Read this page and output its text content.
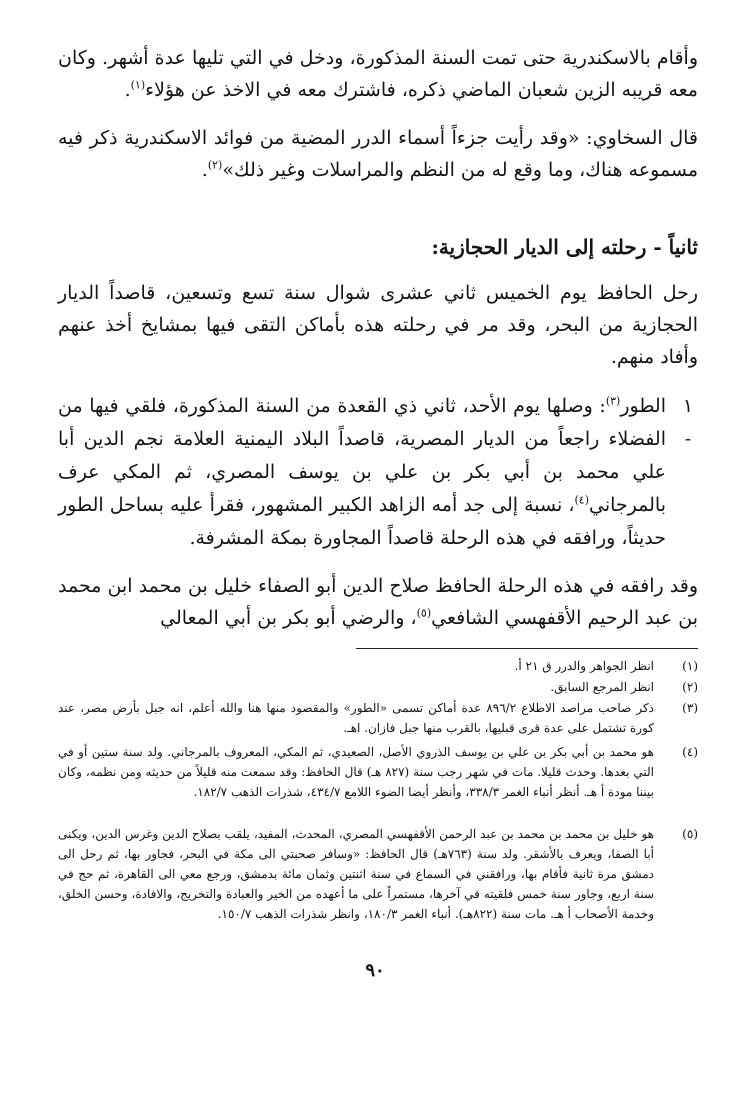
وأقام بالاسكندرية حتى تمت السنة المذكورة، ودخل في التي تليها عدة أشهر. وكان معه قريبه الزين شعبان الماضي ذكره، فاشترك معه في الاخذ عن هؤلاء$^{(١)}$.

قال السخاوي: «وقد رأيت جزءاً أسماء الدرر المضية من فوائد الاسكندرية ذكر فيه مسموعه هناك، وما وقع له من النظم والمراسلات وغير ذلك»$^{(٢)}$.

ثانياً - رحلته إلى الديار الحجازية:

رحل الحافظ يوم الخميس ثاني عشرى شوال سنة تسع وتسعين، قاصداً الديار الحجازية من البحر، وقد مر في رحلته هذه بأماكن التقى فيها بمشايخ أخذ عنهم وأفاد منهم.

١ -
الطور$^{(٣)}$: وصلها يوم الأحد، ثاني ذي القعدة من السنة المذكورة، فلقي فيها من الفضلاء راجعاً من الديار المصرية، قاصداً البلاد اليمنية العلامة نجم الدين أبا علي محمد بن أبي بكر بن علي بن يوسف المصري، ثم المكي عرف بالمرجاني$^{(٤)}$، نسبة إلى جد أمه الزاهد الكبير المشهور، فقرأ عليه بساحل الطور حديثاً، ورافقه في هذه الرحلة قاصداً المجاورة بمكة المشرفة.

وقد رافقه في هذه الرحلة الحافظ صلاح الدين أبو الصفاء خليل بن محمد ابن محمد بن عبد الرحيم الأقفهسي الشافعي$^{(٥)}$، والرضي أبو بكر بن أبي المعالي

(١)
انظر الجواهر والدرر ق ٢١ أ.
(٢)
انظر المرجع السابق.
(٣)
ذكر صاحب مراصد الاطلاع ٨٩٦/٢ عدة أماكن تسمى «الطور» والمقصود منها هنا والله أعلم، انه جبل بأرض مصر، عند كورة تشتمل على عدة قرى قبليها، بالقرب منها جبل فازان. اهـ.
(٤)
هو محمد بن أبي بكر بن علي بن يوسف الذروي الأصل، الصعيدي، ثم المكي، المعروف بالمرجاني. ولد سنة ستين أو في التي بعدها. وحدث قليلا. مات في شهر رجب سنة (٨٢٧ هـ) قال الحافظ: وقد سمعت منه قليلاً من حديثه ومن نظمه، وكان بيننا مودة أ هـ. أنظر أنباء الغمر ٣٣٨/٣، وأنظر أيضا الضوء اللامع ٤٣٤/٧، شذرات الذهب ١٨٢/٧.
(٥)
هو خليل بن محمد بن محمد بن عبد الرحمن الأقفهسي المصري، المحدث، المفيد، يلقب بصلاح الدين وغرس الدين، ويكنى أبا الصفا، ويعرف بالأشقر. ولد سنة (٧٦٣هـ) قال الحافظ: «وسافر صحبتي الى مكة في البحر، فجاور بها، ثم رحل الى دمشق مرة ثانية فأقام بها، ورافقني في السماع في سنة اثنتين وثمان مائة بدمشق، ورجع معي الى القاهرة، ثم حج في سنة اربع، وجاور سنة خمس فلقيته في آخرها، مستمراً على ما أعهده من الخير والعبادة والتخريج، والافادة، وحسن الخلق، وخدمة الأصحاب أ هـ. مات سنة (٨٢٢هـ). أنباء الغمر ١٨٠/٣، وانظر شذرات الذهب ١٥٠/٧.
٩٠
